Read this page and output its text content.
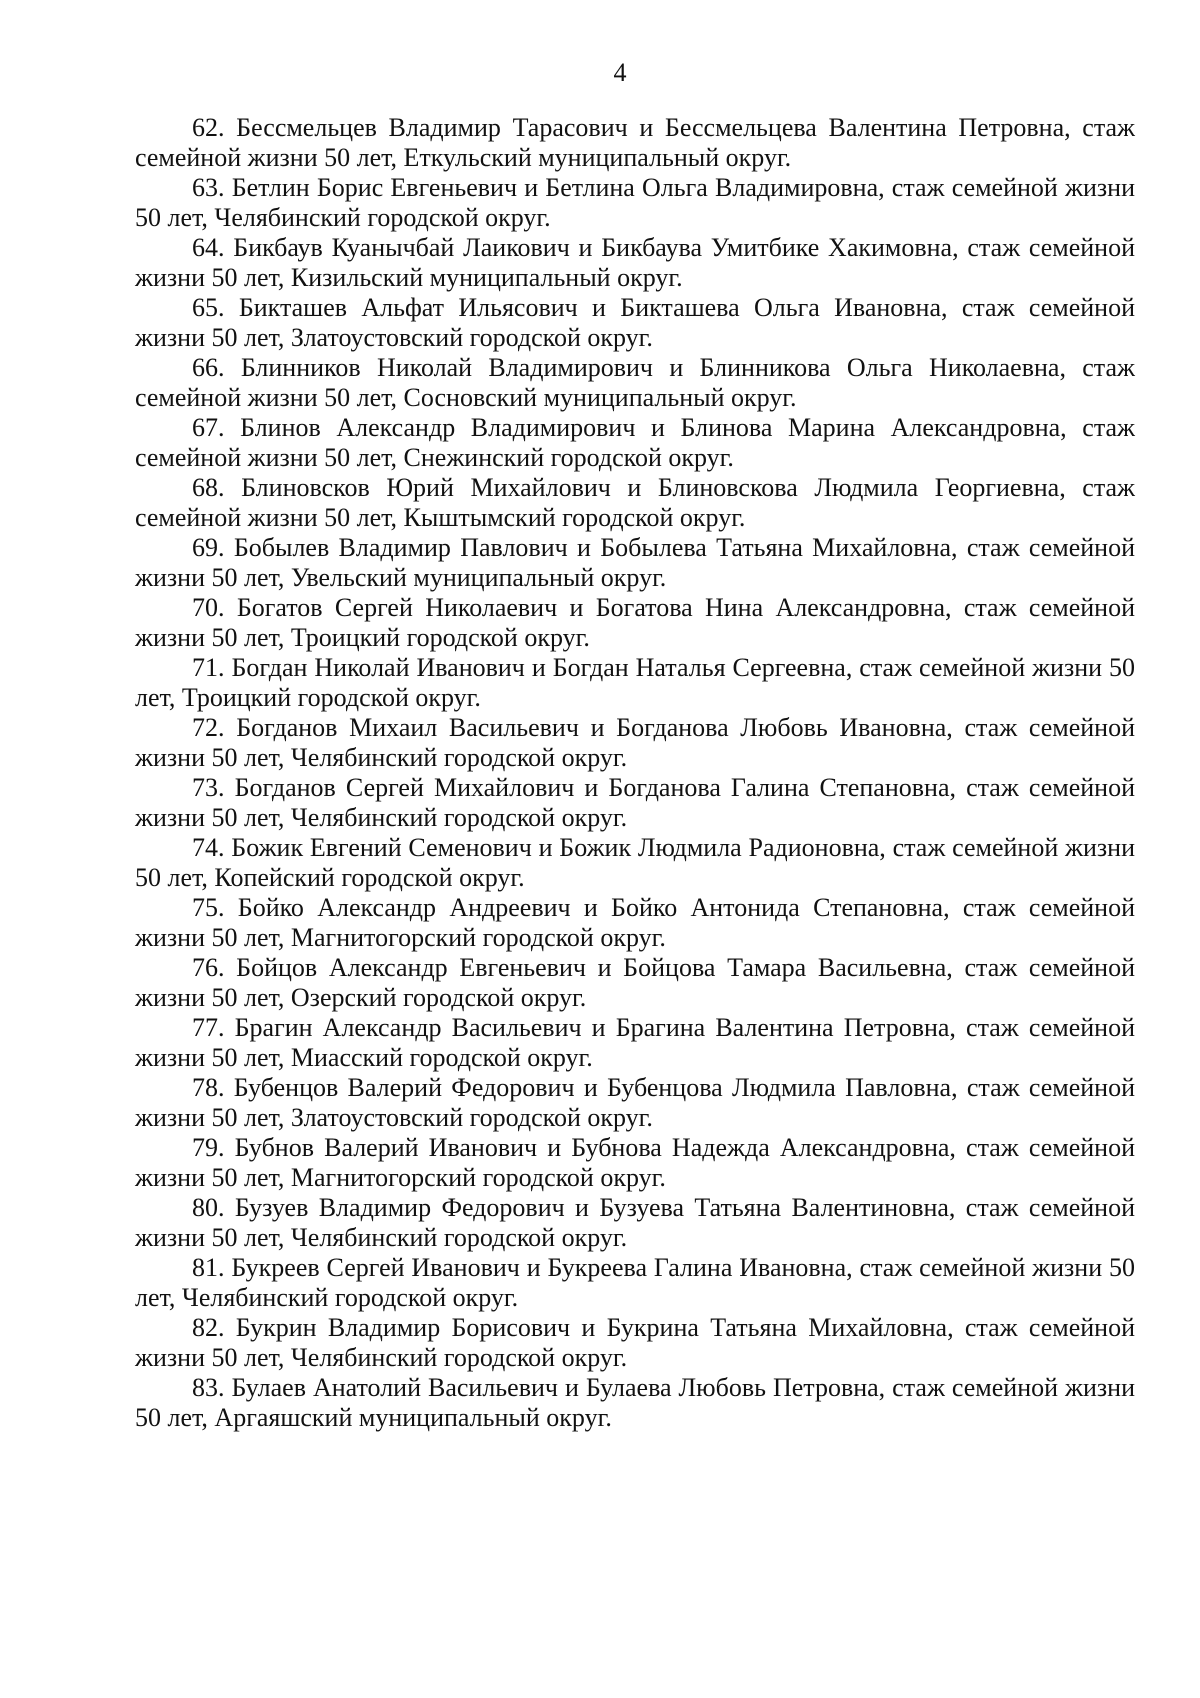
4
62. Бессмельцев Владимир Тарасович и Бессмельцева Валентина Петровна, стаж семейной жизни 50 лет, Еткульский муниципальный округ.
63. Бетлин Борис Евгеньевич и Бетлина Ольга Владимировна, стаж семейной жизни 50 лет, Челябинский городской округ.
64. Бикбаув Куанычбай Лаикович и Бикбаува Умитбике Хакимовна, стаж семейной жизни 50 лет, Кизильский муниципальный округ.
65. Бикташев Альфат Ильясович и Бикташева Ольга Ивановна, стаж семейной жизни 50 лет, Златоустовский городской округ.
66. Блинников Николай Владимирович и Блинникова Ольга Николаевна, стаж семейной жизни 50 лет, Сосновский муниципальный округ.
67. Блинов Александр Владимирович и Блинова Марина Александровна, стаж семейной жизни 50 лет, Снежинский городской округ.
68. Блиновсков Юрий Михайлович и Блиновскова Людмила Георгиевна, стаж семейной жизни 50 лет, Кыштымский городской округ.
69. Бобылев Владимир Павлович и Бобылева Татьяна Михайловна, стаж семейной жизни 50 лет, Увельский муниципальный округ.
70. Богатов Сергей Николаевич и Богатова Нина Александровна, стаж семейной жизни 50 лет, Троицкий городской округ.
71. Богдан Николай Иванович и Богдан Наталья Сергеевна, стаж семейной жизни 50 лет, Троицкий городской округ.
72. Богданов Михаил Васильевич и Богданова Любовь Ивановна, стаж семейной жизни 50 лет, Челябинский городской округ.
73. Богданов Сергей Михайлович и Богданова Галина Степановна, стаж семейной жизни 50 лет, Челябинский городской округ.
74. Божик Евгений Семенович и Божик Людмила Радионовна, стаж семейной жизни 50 лет, Копейский городской округ.
75. Бойко Александр Андреевич и Бойко Антонида Степановна, стаж семейной жизни 50 лет, Магнитогорский городской округ.
76. Бойцов Александр Евгеньевич и Бойцова Тамара Васильевна, стаж семейной жизни 50 лет, Озерский городской округ.
77. Брагин Александр Васильевич и Брагина Валентина Петровна, стаж семейной жизни 50 лет, Миасский городской округ.
78. Бубенцов Валерий Федорович и Бубенцова Людмила Павловна, стаж семейной жизни 50 лет, Златоустовский городской округ.
79. Бубнов Валерий Иванович и Бубнова Надежда Александровна, стаж семейной жизни 50 лет, Магнитогорский городской округ.
80. Бузуев Владимир Федорович и Бузуева Татьяна Валентиновна, стаж семейной жизни 50 лет, Челябинский городской округ.
81. Букреев Сергей Иванович и Букреева Галина Ивановна, стаж семейной жизни 50 лет, Челябинский городской округ.
82. Букрин Владимир Борисович и Букрина Татьяна Михайловна, стаж семейной жизни 50 лет, Челябинский городской округ.
83. Булаев Анатолий Васильевич и Булаева Любовь Петровна, стаж семейной жизни 50 лет, Аргаяшский муниципальный округ.
